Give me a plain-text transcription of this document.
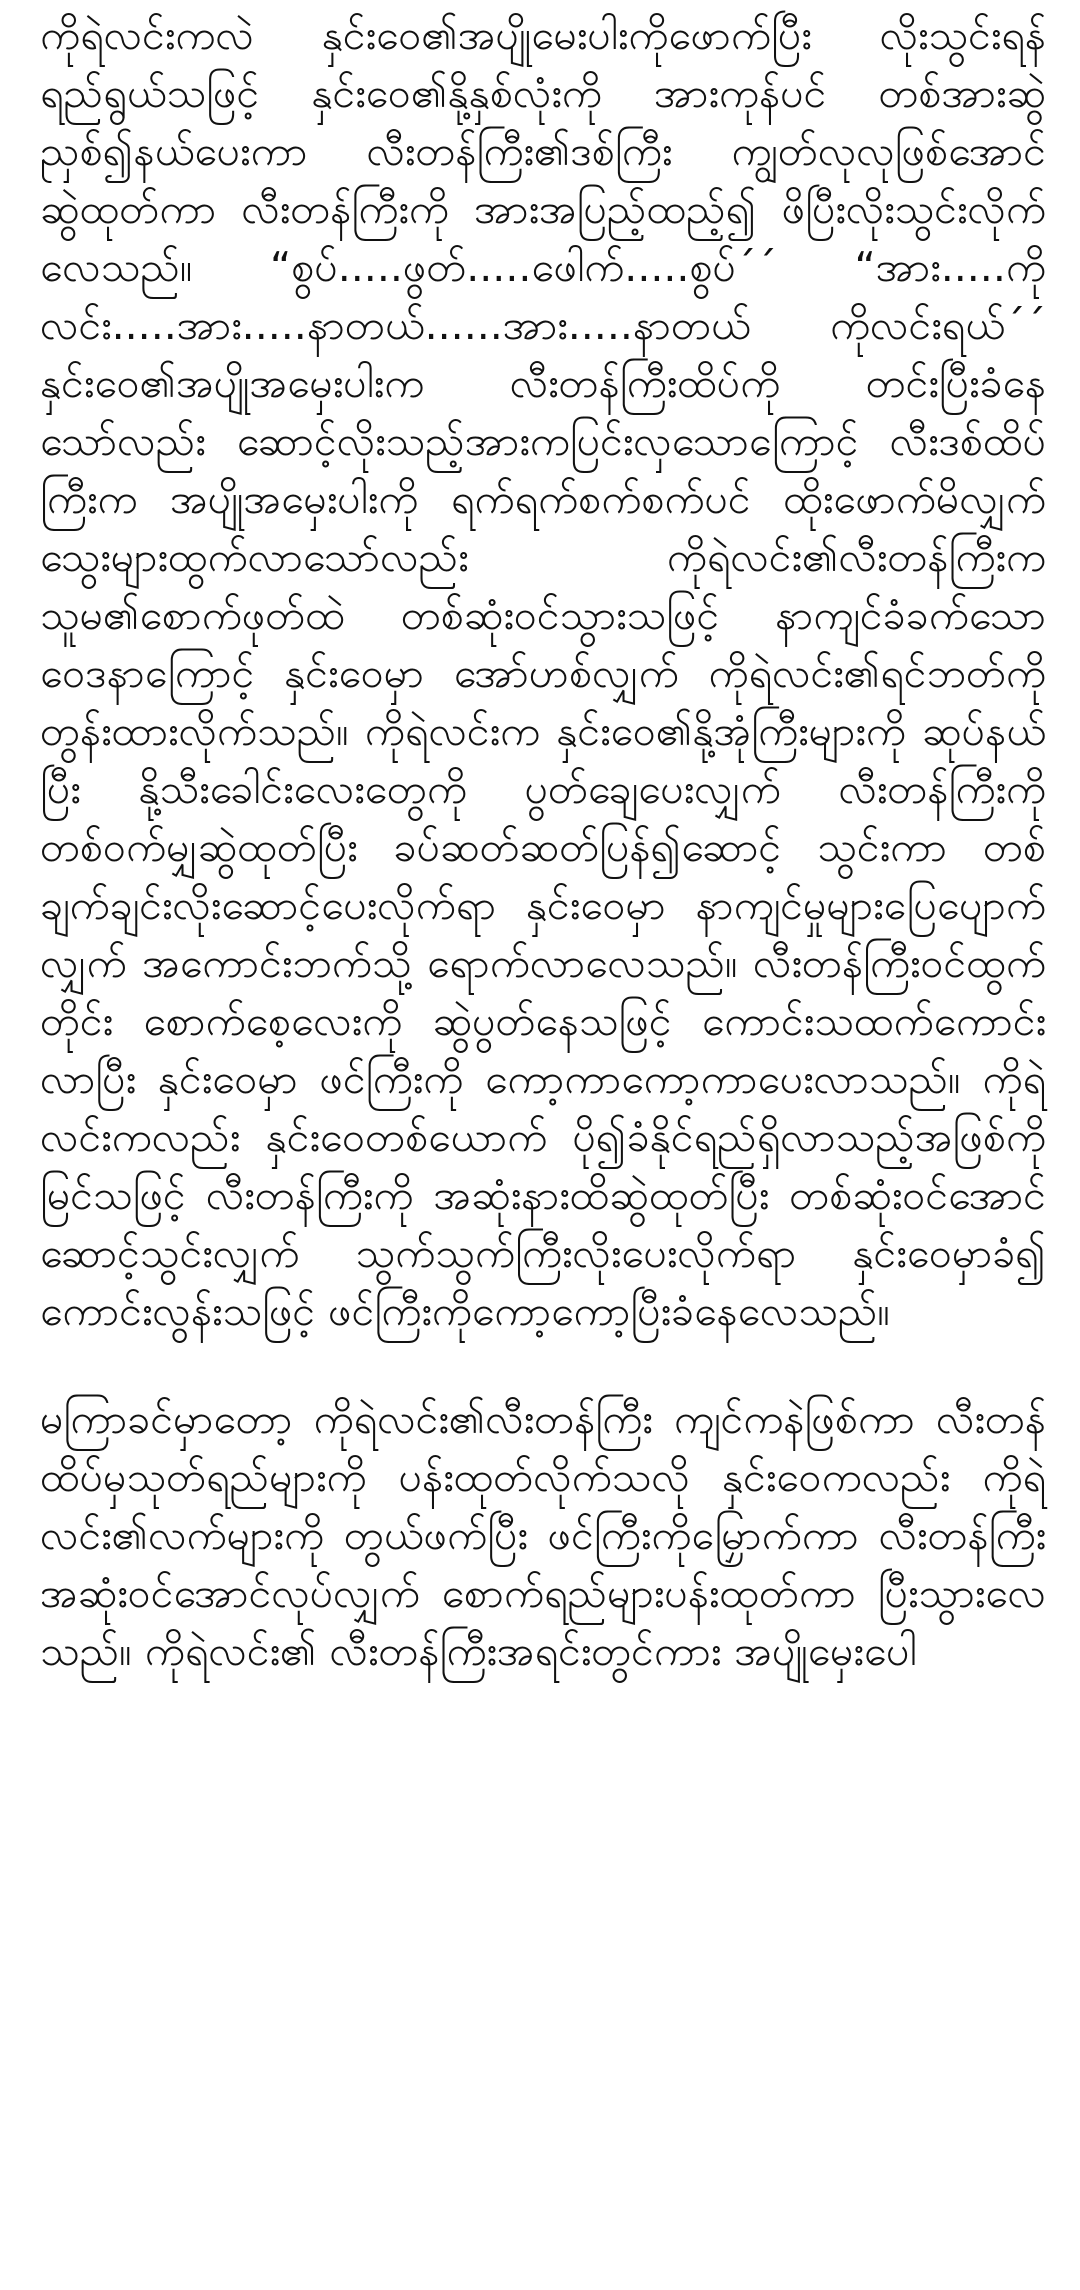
ကိုရဲလင်းကလဲ နှင်းဝေ၏အပျိုမေးပါးကိုဖောက်ပြီး လိုးသွင်းရန်ရည်ရွယ်သဖြင့် နှင်းဝေ၏နို့နှစ်လုံးကို အားကုန်ပင် တစ်အားဆွဲညှစ်၍နယ်ပေးကာ လီးတန်ကြီး၏ဒစ်ကြီး ကျွတ်လုလုဖြစ်အောင် ဆွဲထုတ်ကာ လီးတန်ကြီးကို အားအပြည့်ထည့်၍ ဖိပြီးလိုးသွင်းလိုက်လေသည်။ “စွပ်.....ဖွတ်.....ဖေါက်.....စွပ်´´ “အား.....ကိုလင်း.....အား.....နာတယ်......အား.....နာတယ် ကိုလင်းရယ်´´ နှင်းဝေ၏အပျိုအမှေးပါးက လီးတန်ကြီးထိပ်ကို တင်းပြီးခံနေသော်လည်း ဆောင့်လိုးသည့်အားကပြင်းလှသောကြောင့် လီးဒစ်ထိပ်ကြီးက အပျိုအမှေးပါးကို ရက်ရက်စက်စက်ပင် ထိုးဖောက်မိလျှက် သွေးများထွက်လာသော်လည်း ကိုရဲလင်း၏လီးတန်ကြီးက သူမ၏စောက်ဖုတ်ထဲ တစ်ဆုံးဝင်သွားသဖြင့် နာကျင်ခံခက်သောဝေဒနာကြောင့် နှင်းဝေမှာ အော်ဟစ်လျှက် ကိုရဲလင်း၏ရင်ဘတ်ကို တွန်းထားလိုက်သည်။ ကိုရဲလင်းက နှင်းဝေ၏နို့အုံကြီးများကို ဆုပ်နယ်ပြီး နို့သီးခေါင်းလေးတွေကို ပွတ်ချေပေးလျှက် လီးတန်ကြီးကို တစ်ဝက်မျှဆွဲထုတ်ပြီး ခပ်ဆတ်ဆတ်ပြန်၍ဆောင့် သွင်းကာ တစ်ချက်ချင်းလိုးဆောင့်ပေးလိုက်ရာ နှင်းဝေမှာ နာကျင်မှုများပြေပျောက်လျှက် အကောင်းဘက်သို့ ရောက်လာလေသည်။ လီးတန်ကြီးဝင်ထွက်တိုင်း စောက်စေ့လေးကို ဆွဲပွတ်နေသဖြင့် ကောင်းသထက်ကောင်းလာပြီး နှင်းဝေမှာ ဖင်ကြီးကို ကော့ကာကော့ကာပေးလာသည်။ ကိုရဲလင်းကလည်း နှင်းဝေတစ်ယောက် ပို၍ခံနိုင်ရည်ရှိလာသည့်အဖြစ်ကို မြင်သဖြင့် လီးတန်ကြီးကို အဆုံးနားထိဆွဲထုတ်ပြီး တစ်ဆုံးဝင်အောင် ဆောင့်သွင်းလျှက် သွက်သွက်ကြီးလိုးပေးလိုက်ရာ နှင်းဝေမှာခံ၍ ကောင်းလွန်းသဖြင့် ဖင်ကြီးကိုကော့ကော့ပြီးခံနေလေသည်။

မကြာခင်မှာတော့ ကိုရဲလင်း၏လီးတန်ကြီး ကျင်ကနဲဖြစ်ကာ လီးတန်ထိပ်မှသုတ်ရည်များကို ပန်းထုတ်လိုက်သလို နှင်းဝေကလည်း ကိုရဲလင်း၏လက်များကို တွယ်ဖက်ပြီး ဖင်ကြီးကိုမြှောက်ကာ လီးတန်ကြီးအဆုံးဝင်အောင်လုပ်လျှက် စောက်ရည်များပန်းထုတ်ကာ ပြီးသွားလေသည်။ ကိုရဲလင်း၏ လီးတန်ကြီးအရင်းတွင်ကား အပျိုမှေးပေါ
